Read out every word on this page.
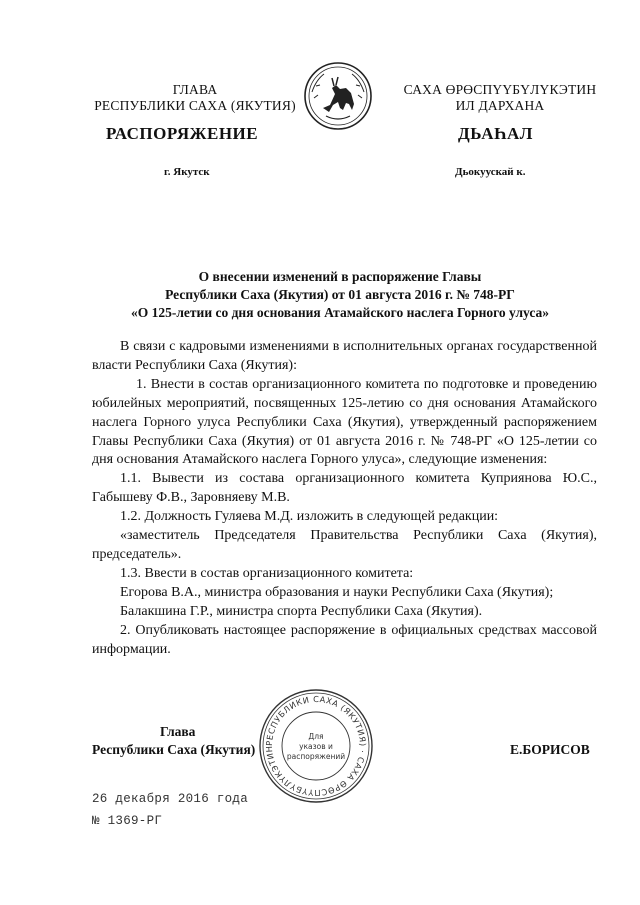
ГЛАВА
РЕСПУБЛИКИ САХА (ЯКУТИЯ)
САХА ӨРӨСПҮҮБҮЛҮКЭТИН
ИЛ ДАРХАНА
РАСПОРЯЖЕНИЕ	ДЬАҺАЛ
г. Якутск	Дьокуускай к.
О внесении изменений в распоряжение Главы
Республики Саха (Якутия) от 01 августа 2016 г. № 748-РГ
«О 125-летии со дня основания Атамайского наслега Горного улуса»

В связи с кадровыми изменениями в исполнительных органах государственной власти Республики Саха (Якутия):

1. Внести в состав организационного комитета по подготовке и проведению юбилейных мероприятий, посвященных 125-летию со дня основания Атамайского наслега Горного улуса Республики Саха (Якутия), утвержденный распоряжением Главы Республики Саха (Якутия) от 01 августа 2016 г. № 748-РГ «О 125-летии со дня основания Атамайского наслега Горного улуса», следующие изменения:

1.1. Вывести из состава организационного комитета Куприянова Ю.С., Габышеву Ф.В., Заровняеву М.В.

1.2. Должность Гуляева М.Д. изложить в следующей редакции:

«заместитель Председателя Правительства Республики Саха (Якутия), председатель».

1.3. Ввести в состав организационного комитета:

Егорова В.А., министра образования и науки Республики Саха (Якутия);

Балакшина Г.Р., министра спорта Республики Саха (Якутия).

2. Опубликовать настоящее распоряжение в официальных средствах массовой информации.

Глава
Республики Саха (Якутия)	Е.БОРИСОВ
РЕСПУБЛИКИ САХА (ЯКУТИЯ) · САХА ӨРӨСПҮҮБҮЛҮКЭТИН
Для
указов и
распоряжений
26 декабря 2016 года
№ 1369-РГ
